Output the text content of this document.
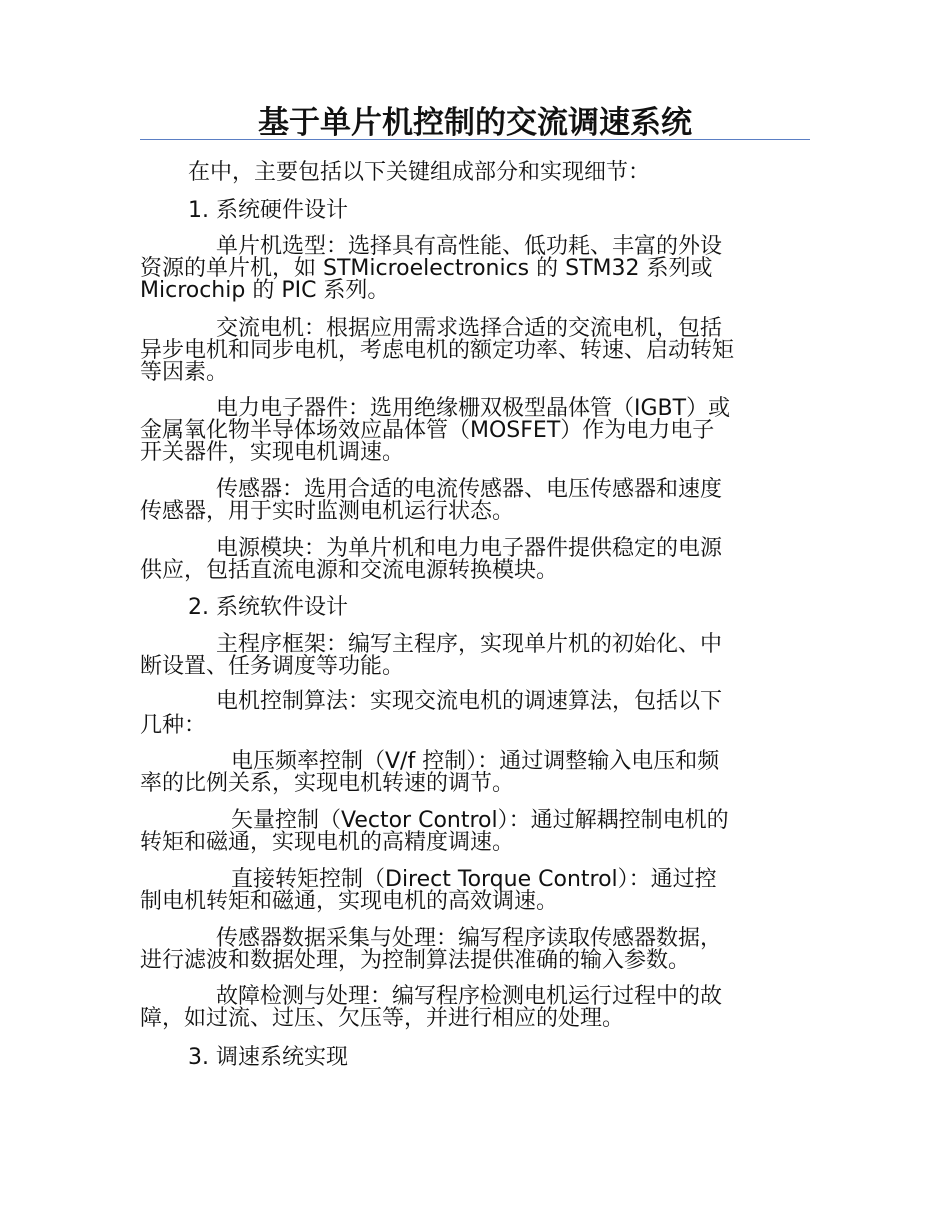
基于单片机控制的交流调速系统

在中，主要包括以下关键组成部分和实现细节：

1. 系统硬件设计

单片机选型：选择具有高性能、低功耗、丰富的外设
资源的单片机，如 STMicroelectronics 的 STM32 系列或
Microchip 的 PIC 系列。

交流电机：根据应用需求选择合适的交流电机，包括
异步电机和同步电机，考虑电机的额定功率、转速、启动转矩
等因素。

电力电子器件：选用绝缘栅双极型晶体管（IGBT）或
金属氧化物半导体场效应晶体管（MOSFET）作为电力电子
开关器件，实现电机调速。

传感器：选用合适的电流传感器、电压传感器和速度
传感器，用于实时监测电机运行状态。

电源模块：为单片机和电力电子器件提供稳定的电源
供应，包括直流电源和交流电源转换模块。

2. 系统软件设计

主程序框架：编写主程序，实现单片机的初始化、中
断设置、任务调度等功能。

电机控制算法：实现交流电机的调速算法，包括以下
几种：

电压频率控制（V/f 控制）：通过调整输入电压和频
率的比例关系，实现电机转速的调节。

矢量控制（Vector Control）：通过解耦控制电机的
转矩和磁通，实现电机的高精度调速。

直接转矩控制（Direct Torque Control）：通过控
制电机转矩和磁通，实现电机的高效调速。

传感器数据采集与处理：编写程序读取传感器数据，
进行滤波和数据处理，为控制算法提供准确的输入参数。

故障检测与处理：编写程序检测电机运行过程中的故
障，如过流、过压、欠压等，并进行相应的处理。

3. 调速系统实现
